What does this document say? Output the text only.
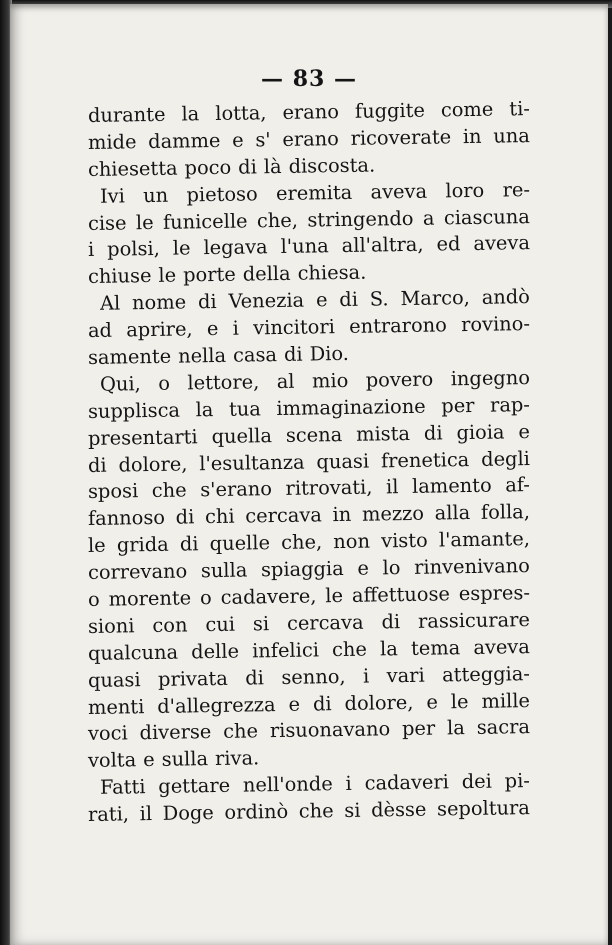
— 83 —
durante la lotta, erano fuggite come ti-
mide damme e s' erano ricoverate in una
chiesetta poco di là discosta.
Ivi un pietoso eremita aveva loro re-
cise le funicelle che, stringendo a ciascuna
i polsi, le legava l'una all'altra, ed aveva
chiuse le porte della chiesa.
Al nome di Venezia e di S. Marco, andò
ad aprire, e i vincitori entrarono rovino-
samente nella casa di Dio.
Qui, o lettore, al mio povero ingegno
supplisca la tua immaginazione per rap-
presentarti quella scena mista di gioia e
di dolore, l'esultanza quasi frenetica degli
sposi che s'erano ritrovati, il lamento af-
fannoso di chi cercava in mezzo alla folla,
le grida di quelle che, non visto l'amante,
correvano sulla spiaggia e lo rinvenivano
o morente o cadavere, le affettuose espres-
sioni con cui si cercava di rassicurare
qualcuna delle infelici che la tema aveva
quasi privata di senno, i vari atteggia-
menti d'allegrezza e di dolore, e le mille
voci diverse che risuonavano per la sacra
volta e sulla riva.
Fatti gettare nell'onde i cadaveri dei pi-
rati, il Doge ordinò che si dèsse sepoltura
